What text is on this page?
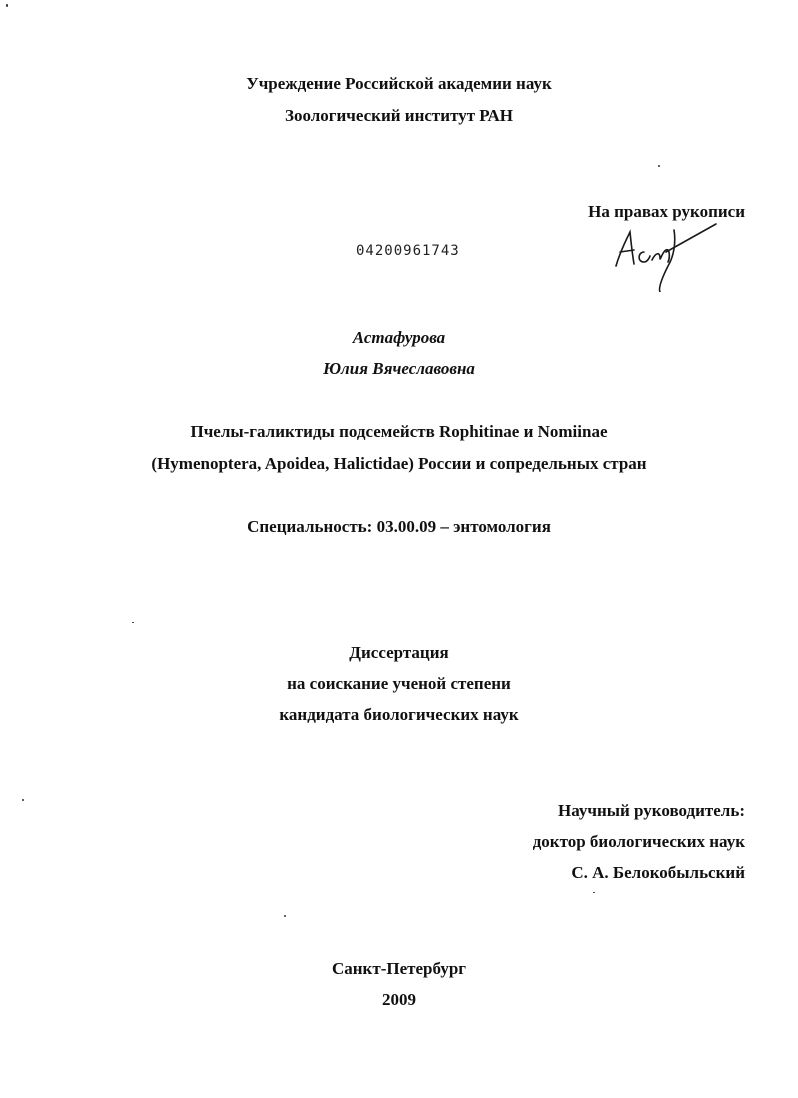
Учреждение Российской академии наук
Зоологический институт РАН
На правах рукописи
04200961743
Астафурова
Юлия Вячеславовна
Пчелы-галиктиды подсемейств Rophitinae и Nomiinae
(Hymenoptera, Apoidea, Halictidae) России и сопредельных стран
Специальность: 03.00.09 – энтомология
Диссертация
на соискание ученой степени
кандидата биологических наук
Научный руководитель:
доктор биологических наук
С. А. Белокобыльский
Санкт-Петербург
2009
